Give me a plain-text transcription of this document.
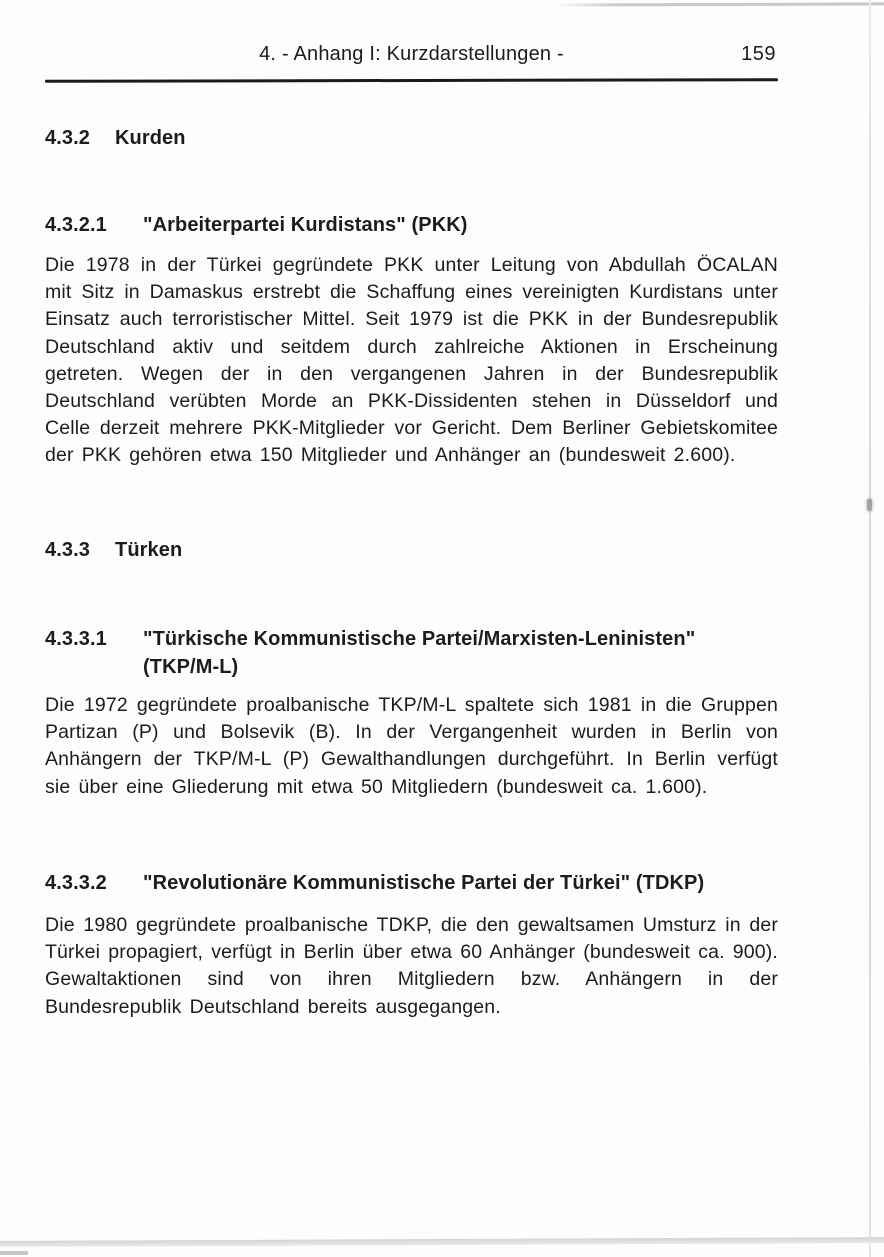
4. - Anhang I: Kurzdarstellungen -	159
4.3.2	Kurden
4.3.2.1	"Arbeiterpartei Kurdistans" (PKK)

Die 1978 in der Türkei gegründete PKK unter Leitung von Abdullah ÖCALAN mit Sitz in Damaskus erstrebt die Schaffung eines vereinigten Kurdistans unter Einsatz auch terroristischer Mittel. Seit 1979 ist die PKK in der Bundesrepublik Deutschland aktiv und seitdem durch zahlreiche Aktionen in Erscheinung getreten. Wegen der in den vergangenen Jahren in der Bundesrepublik Deutschland verübten Morde an PKK-Dissidenten stehen in Düsseldorf und Celle derzeit mehrere PKK-Mitglieder vor Gericht. Dem Berliner Gebietskomitee der PKK gehören etwa 150 Mitglieder und Anhänger an (bundesweit 2.600).

4.3.3	Türken
4.3.3.1	"Türkische Kommunistische Partei/Marxisten-Leninisten"
(TKP/M-L)

Die 1972 gegründete proalbanische TKP/M-L spaltete sich 1981 in die Gruppen Partizan (P) und Bolsevik (B). In der Vergangenheit wurden in Berlin von Anhängern der TKP/M-L (P) Gewalthandlungen durchgeführt. In Berlin verfügt sie über eine Gliederung mit etwa 50 Mitgliedern (bundesweit ca. 1.600).

4.3.3.2	"Revolutionäre Kommunistische Partei der Türkei" (TDKP)

Die 1980 gegründete proalbanische TDKP, die den gewaltsamen Umsturz in der Türkei propagiert, verfügt in Berlin über etwa 60 Anhänger (bundesweit ca. 900). Gewaltaktionen sind von ihren Mitgliedern bzw. Anhängern in der Bundesrepublik Deutschland bereits ausgegangen.
